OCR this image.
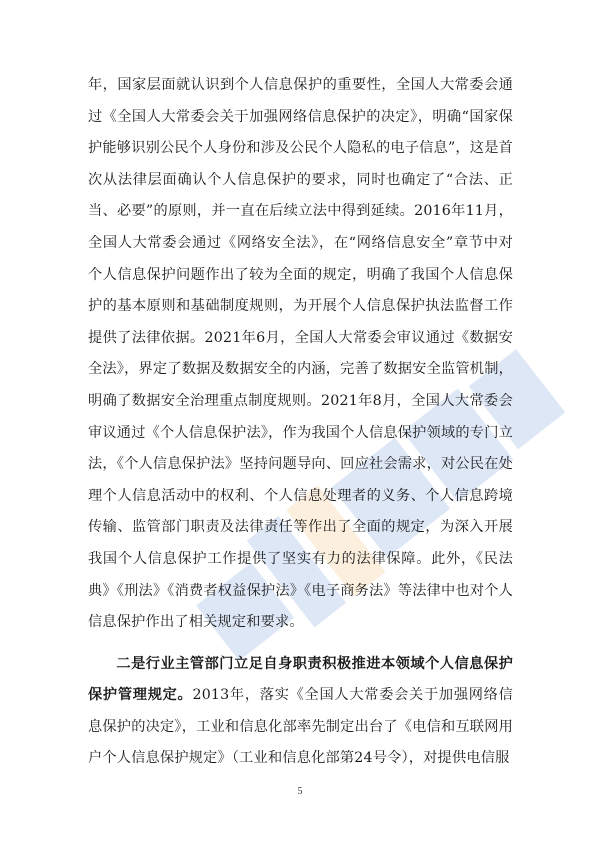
年，国家层面就认识到个人信息保护的重要性，全国人大常委会通过《全国人大常委会关于加强网络信息保护的决定》，明确“国家保护能够识别公民个人身份和涉及公民个人隐私的电子信息”，这是首次从法律层面确认个人信息保护的要求，同时也确定了“合法、正当、必要”的原则，并一直在后续立法中得到延续。2016年11月，全国人大常委会通过《网络安全法》，在“网络信息安全”章节中对个人信息保护问题作出了较为全面的规定，明确了我国个人信息保护的基本原则和基础制度规则，为开展个人信息保护执法监督工作提供了法律依据。2021年6月，全国人大常委会审议通过《数据安全法》，界定了数据及数据安全的内涵，完善了数据安全监管机制，明确了数据安全治理重点制度规则。2021年8月，全国人大常委会审议通过《个人信息保护法》，作为我国个人信息保护领域的专门立法，《个人信息保护法》坚持问题导向、回应社会需求，对公民在处理个人信息活动中的权利、个人信息处理者的义务、个人信息跨境传输、监管部门职责及法律责任等作出了全面的规定，为深入开展我国个人信息保护工作提供了坚实有力的法律保障。此外，《民法典》《刑法》《消费者权益保护法》《电子商务法》等法律中也对个人信息保护作出了相关规定和要求。

二是行业主管部门立足自身职责积极推进本领域个人信息保护保护管理规定。2013年，落实《全国人大常委会关于加强网络信息保护的决定》，工业和信息化部率先制定出台了《电信和互联网用户个人信息保护规定》（工业和信息化部第24号令），对提供电信服

5
